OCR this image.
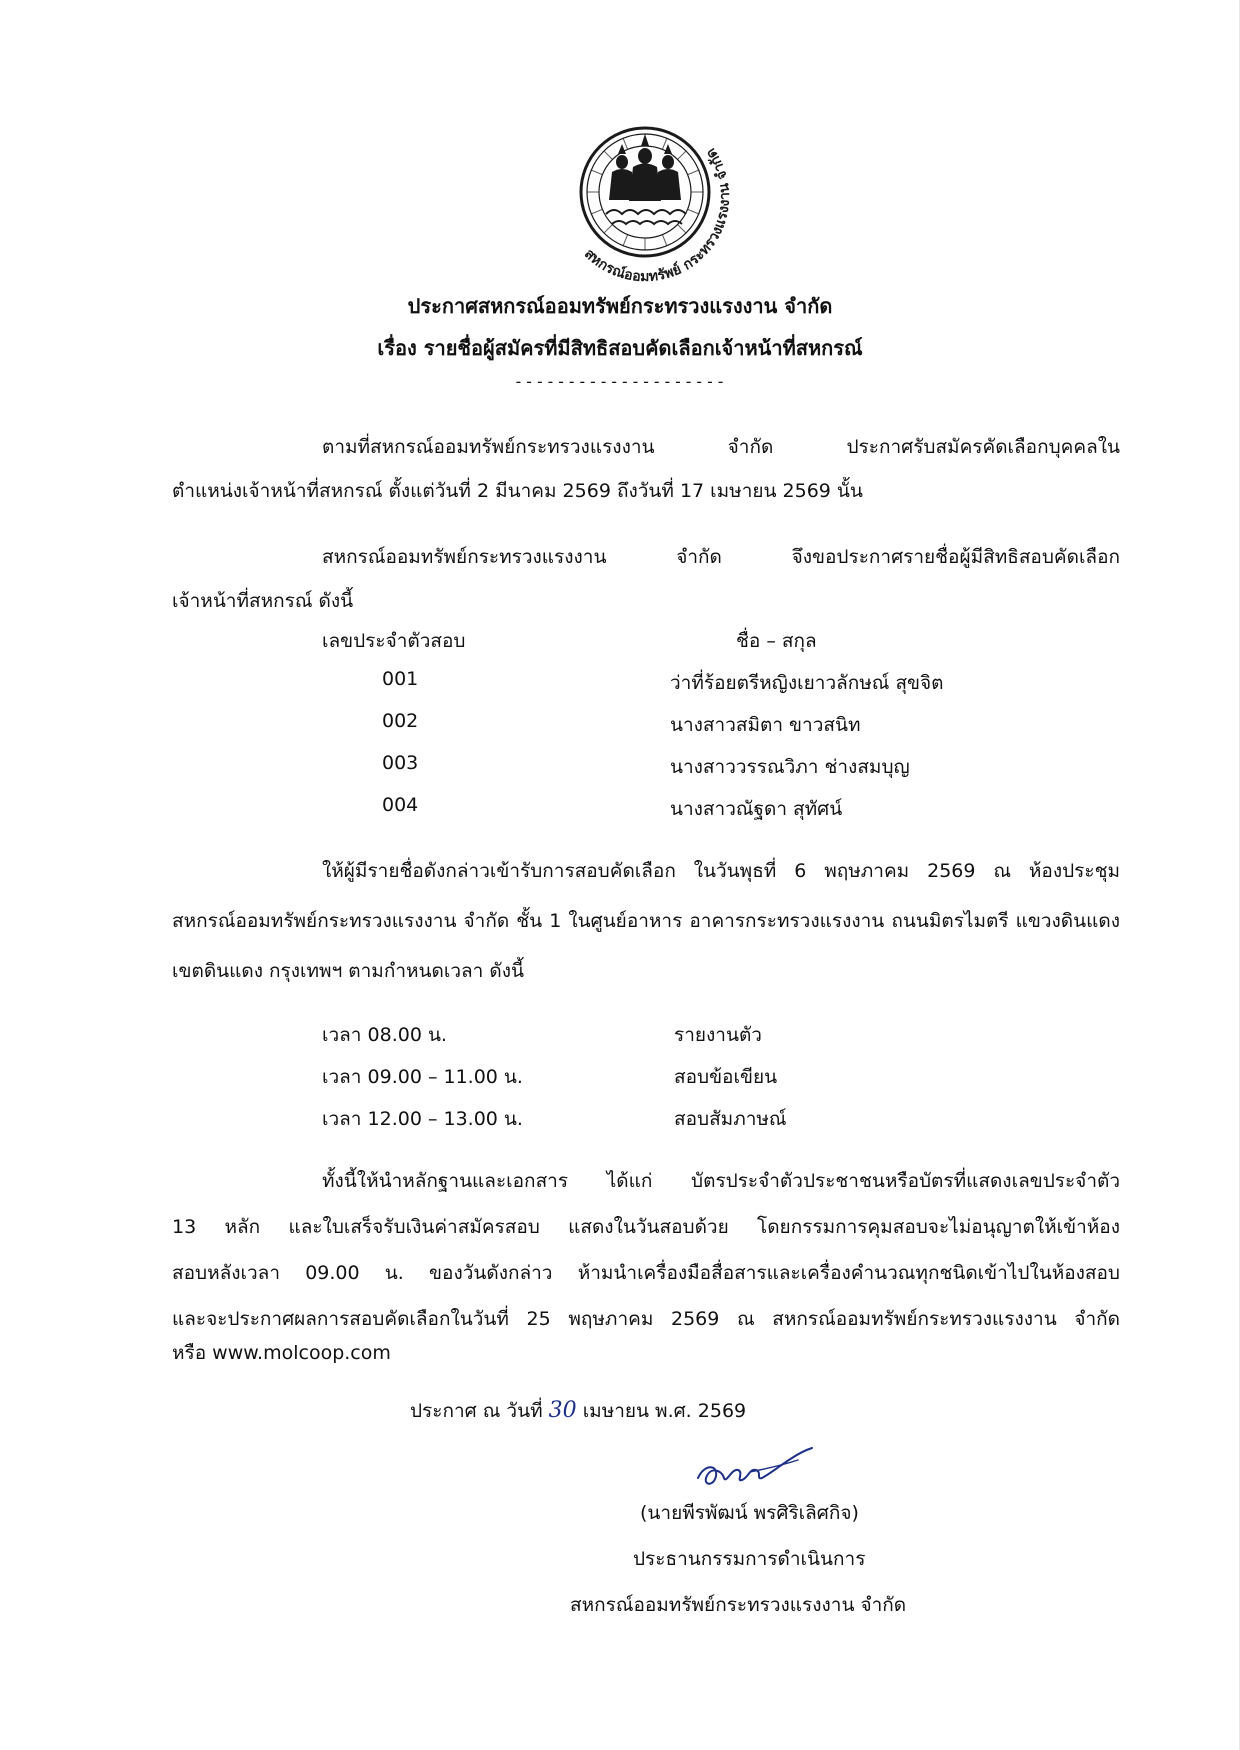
สหกรณ์ออมทรัพย์ กระทรวงแรงงาน จำกัด
ประกาศสหกรณ์ออมทรัพย์กระทรวงแรงงาน จำกัด
เรื่อง รายชื่อผู้สมัครที่มีสิทธิสอบคัดเลือกเจ้าหน้าที่สหกรณ์
--------------------
ตามที่สหกรณ์ออมทรัพย์กระทรวงแรงงาน จำกัด ประกาศรับสมัครคัดเลือกบุคคลใน
ตำแหน่งเจ้าหน้าที่สหกรณ์ ตั้งแต่วันที่ 2 มีนาคม 2569 ถึงวันที่ 17 เมษายน 2569 นั้น
สหกรณ์ออมทรัพย์กระทรวงแรงงาน จำกัด จึงขอประกาศรายชื่อผู้มีสิทธิสอบคัดเลือก
เจ้าหน้าที่สหกรณ์ ดังนี้
เลขประจำตัวสอบ	ชื่อ – สกุล
001	ว่าที่ร้อยตรีหญิงเยาวลักษณ์ สุขจิต
002	นางสาวสมิตา ขาวสนิท
003	นางสาววรรณวิภา ช่างสมบุญ
004	นางสาวณัฐดา สุทัศน์
ให้ผู้มีรายชื่อดังกล่าวเข้ารับการสอบคัดเลือก ในวันพุธที่ 6 พฤษภาคม 2569 ณ ห้องประชุม
สหกรณ์ออมทรัพย์กระทรวงแรงงาน จำกัด ชั้น 1 ในศูนย์อาหาร อาคารกระทรวงแรงงาน ถนนมิตรไมตรี แขวงดินแดง
เขตดินแดง กรุงเทพฯ ตามกำหนดเวลา ดังนี้
เวลา 08.00 น.	รายงานตัว
เวลา 09.00 – 11.00 น.	สอบข้อเขียน
เวลา 12.00 – 13.00 น.	สอบสัมภาษณ์
ทั้งนี้ให้นำหลักฐานและเอกสาร ได้แก่ บัตรประจำตัวประชาชนหรือบัตรที่แสดงเลขประจำตัว
13 หลัก และใบเสร็จรับเงินค่าสมัครสอบ แสดงในวันสอบด้วย โดยกรรมการคุมสอบจะไม่อนุญาตให้เข้าห้อง
สอบหลังเวลา 09.00 น. ของวันดังกล่าว ห้ามนำเครื่องมือสื่อสารและเครื่องคำนวณทุกชนิดเข้าไปในห้องสอบ
และจะประกาศผลการสอบคัดเลือกในวันที่ 25 พฤษภาคม 2569 ณ สหกรณ์ออมทรัพย์กระทรวงแรงงาน จำกัด
หรือ www.molcoop.com
ประกาศ ณ วันที่ 30 เมษายน พ.ศ. 2569
(นายพีรพัฒน์ พรศิริเลิศกิจ)
ประธานกรรมการดำเนินการ
สหกรณ์ออมทรัพย์กระทรวงแรงงาน จำกัด
